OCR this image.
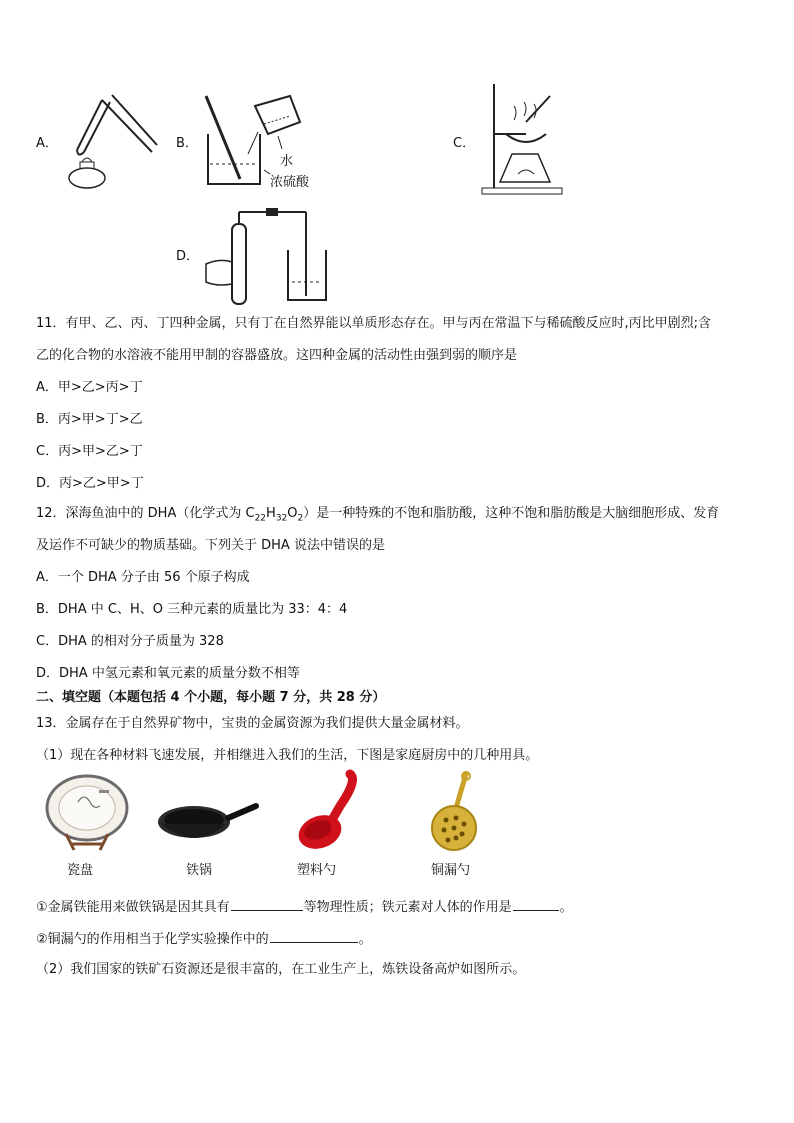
A．	B．
水
浓硫酸
C．
D．
11．有甲、乙、丙、丁四种金属，只有丁在自然界能以单质形态存在。甲与丙在常温下与稀硫酸反应时,丙比甲剧烈;含
乙的化合物的水溶液不能用甲制的容器盛放。这四种金属的活动性由强到弱的顺序是
A．甲>乙>丙>丁
B．丙>甲>丁>乙
C．丙>甲>乙>丁
D．丙>乙>甲>丁
12．深海鱼油中的 DHA（化学式为 $C_{22}H_{32}O_2$）是一种特殊的不饱和脂肪酸，这种不饱和脂肪酸是大脑细胞形成、发育
及运作不可缺少的物质基础。下列关于 DHA 说法中错误的是
A．一个 DHA 分子由 56 个原子构成
B．DHA 中 C、H、O 三种元素的质量比为 33：4：4
C．DHA 的相对分子质量为 328
D．DHA 中氢元素和氧元素的质量分数不相等
二、填空题（本题包括 4 个小题，每小题 7 分，共 28 分）
13．金属存在于自然界矿物中，宝贵的金属资源为我们提供大量金属材料。
（1）现在各种材料飞速发展，并相继进入我们的生活，下图是家庭厨房中的几种用具。
瓷盘	铁锅	塑料勺	铜漏勺
①金属铁能用来做铁锅是因其具有	等物理性质；铁元素对人体的作用是	。
②铜漏勺的作用相当于化学实验操作中的	。
（2）我们国家的铁矿石资源还是很丰富的，在工业生产上，炼铁设备高炉如图所示。
